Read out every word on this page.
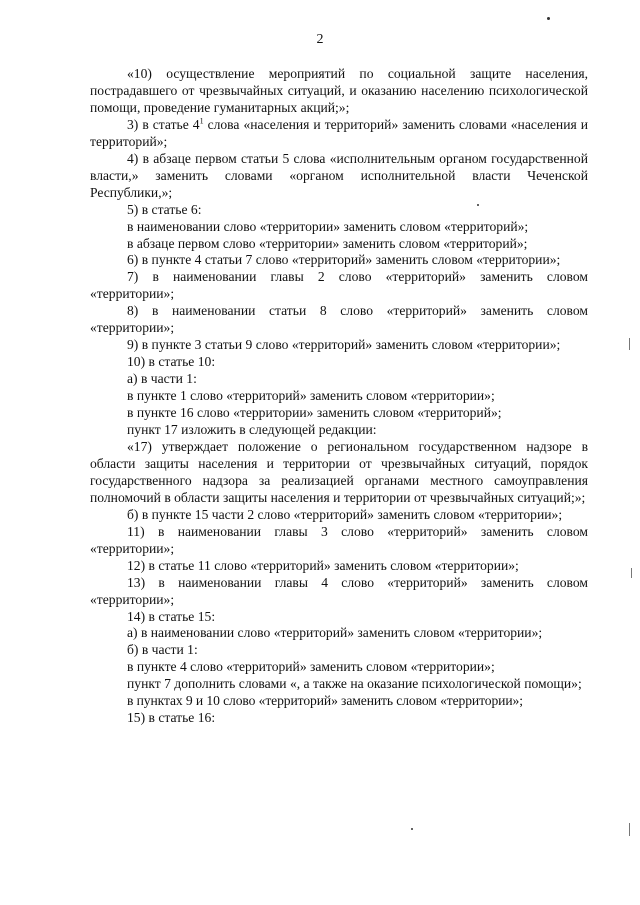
2

«10) осуществление мероприятий по социальной защите населения, пострадавшего от чрезвычайных ситуаций, и оказанию населению психологической помощи, проведение гуманитарных акций;»;

3) в статье $4^1$ слова «населения и территорий» заменить словами «населения и территорий»;

4) в абзаце первом статьи 5 слова «исполнительным органом государственной власти,» заменить словами «органом исполнительной власти Чеченской Республики,»;

5) в статье 6:

в наименовании слово «территории» заменить словом «территорий»;

в абзаце первом слово «территории» заменить словом «территорий»;

6) в пункте 4 статьи 7 слово «территорий» заменить словом «территории»;

7) в наименовании главы 2 слово «территорий» заменить словом «территории»;

8) в наименовании статьи 8 слово «территорий» заменить словом «территории»;

9) в пункте 3 статьи 9 слово «территорий» заменить словом «территории»;

10) в статье 10:

а) в части 1:

в пункте 1 слово «территорий» заменить словом «территории»;

в пункте 16 слово «территории» заменить словом «территорий»;

пункт 17 изложить в следующей редакции:

«17) утверждает положение о региональном государственном надзоре в области защиты населения и территории от чрезвычайных ситуаций, порядок государственного надзора за реализацией органами местного самоуправления полномочий в области защиты населения и территории от чрезвычайных ситуаций;»;

б) в пункте 15 части 2 слово «территорий» заменить словом «территории»;

11) в наименовании главы 3 слово «территорий» заменить словом «территории»;

12) в статье 11 слово «территорий» заменить словом «территории»;

13) в наименовании главы 4 слово «территорий» заменить словом «территории»;

14) в статье 15:

а) в наименовании слово «территорий» заменить словом «территории»;

б) в части 1:

в пункте 4 слово «территорий» заменить словом «территории»;

пункт 7 дополнить словами «, а также на оказание психологической помощи»;

в пунктах 9 и 10 слово «территорий» заменить словом «территории»;

15) в статье 16:
